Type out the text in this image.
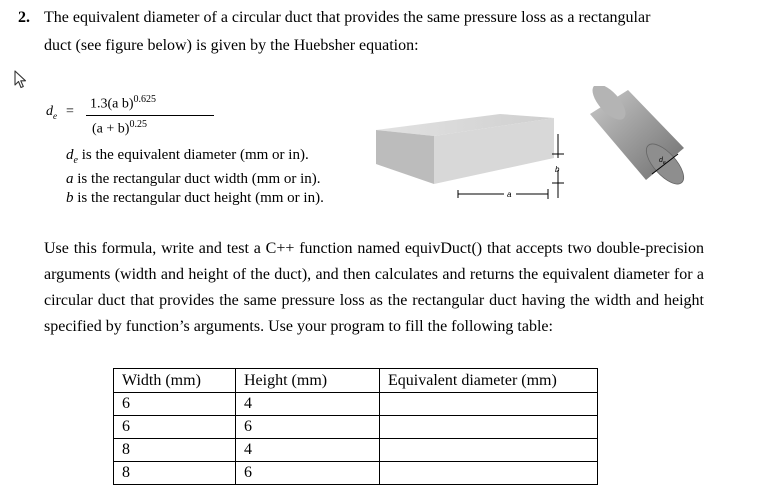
2. The equivalent diameter of a circular duct that provides the same pressure loss as a rectangular
duct (see figure below) is given by the Huebsher equation:
$d_e = 1.3(a$ b)$^{0.625}$
$(a + b)^{0.25}$
$d_e$ is the equivalent diameter (mm or in).
a is the rectangular duct width (mm or in).
b is the rectangular duct height (mm or in).
b
a
$d_e$
Use this formula, write and test a C++ function named equivDuct() that accepts two double-precision arguments (width and height of the duct), and then calculates and returns the equivalent diameter for a circular duct that provides the same pressure loss as the rectangular duct having the width and height specified by function’s arguments. Use your program to fill the following table:
Width (mm)	Height (mm)	Equivalent diameter (mm)
6	4	
6	6	
8	4	
8	6	
